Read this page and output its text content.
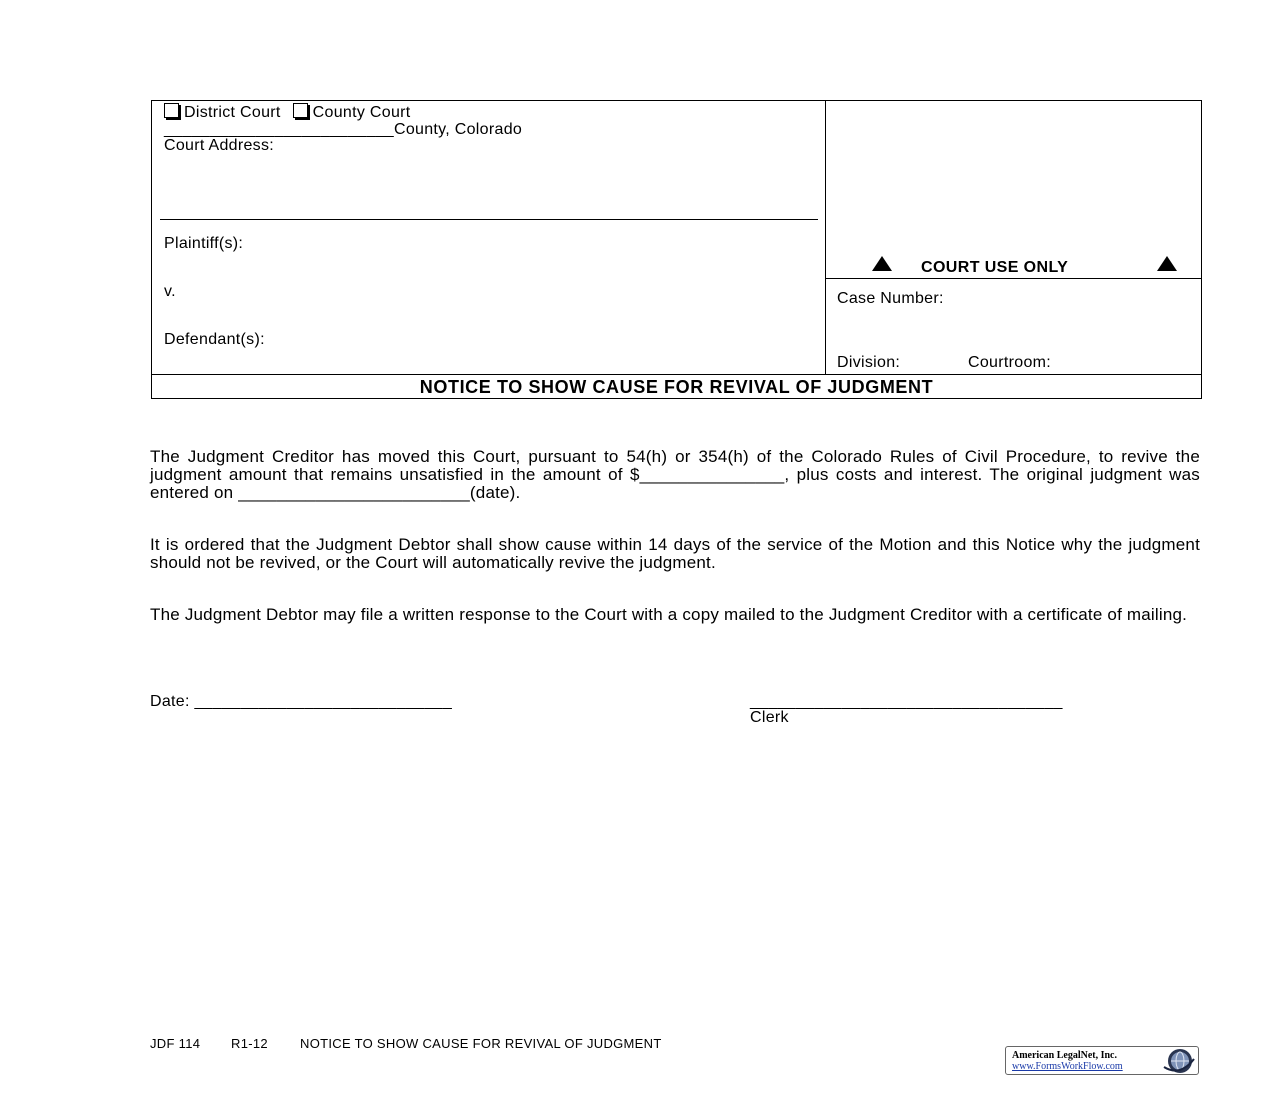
District Court County Court
_________________________County, Colorado
Court Address:
Plaintiff(s):
v.
Defendant(s):
COURT USE ONLY
Case Number:
Division:	Courtroom:
NOTICE TO SHOW CAUSE FOR REVIVAL OF JUDGMENT
The Judgment Creditor has moved this Court, pursuant to 54(h) or 354(h) of the Colorado Rules of Civil Procedure, to revive the judgment amount that remains unsatisfied in the amount of $_______________, plus costs and interest. The original judgment was entered on ________________________(date).
It is ordered that the Judgment Debtor shall show cause within 14 days of the service of the Motion and this Notice why the judgment should not be revived, or the Court will automatically revive the judgment.
The Judgment Debtor may file a written response to the Court with a copy mailed to the Judgment Creditor with a certificate of mailing.
Date: ____________________________	__________________________________
Clerk
JDF 114 R1-12 NOTICE TO SHOW CAUSE FOR REVIVAL OF JUDGMENT
American LegalNet, Inc.
www.FormsWorkFlow.com
